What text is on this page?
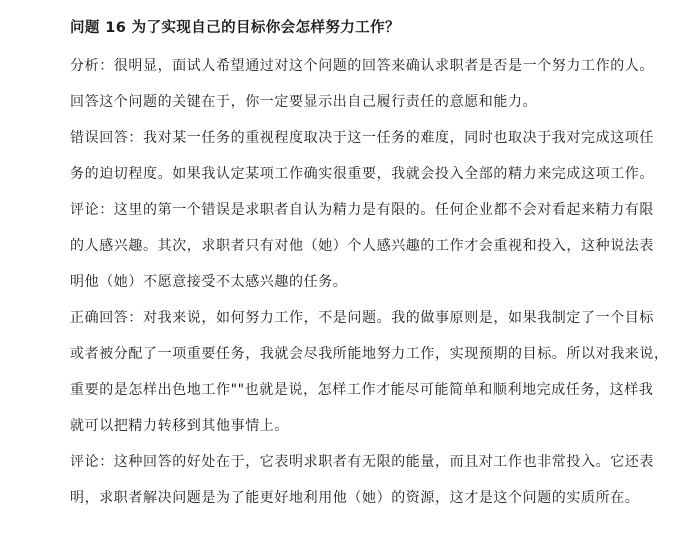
问题 16 为了实现自己的目标你会怎样努力工作？
分析：很明显，面试人希望通过对这个问题的回答来确认求职者是否是一个努力工作的人。
回答这个问题的关键在于，你一定要显示出自己履行责任的意愿和能力。
错误回答：我对某一任务的重视程度取决于这一任务的难度，同时也取决于我对完成这项任
务的迫切程度。如果我认定某项工作确实很重要，我就会投入全部的精力来完成这项工作。
评论：这里的第一个错误是求职者自认为精力是有限的。任何企业都不会对看起来精力有限
的人感兴趣。其次，求职者只有对他（她）个人感兴趣的工作才会重视和投入，这种说法表
明他（她）不愿意接受不太感兴趣的任务。
正确回答：对我来说，如何努力工作，不是问题。我的做事原则是，如果我制定了一个目标
或者被分配了一项重要任务，我就会尽我所能地努力工作，实现预期的目标。所以对我来说，
重要的是怎样出色地工作""也就是说，怎样工作才能尽可能简单和顺利地完成任务，这样我
就可以把精力转移到其他事情上。
评论：这种回答的好处在于，它表明求职者有无限的能量，而且对工作也非常投入。它还表
明，求职者解决问题是为了能更好地利用他（她）的资源，这才是这个问题的实质所在。
